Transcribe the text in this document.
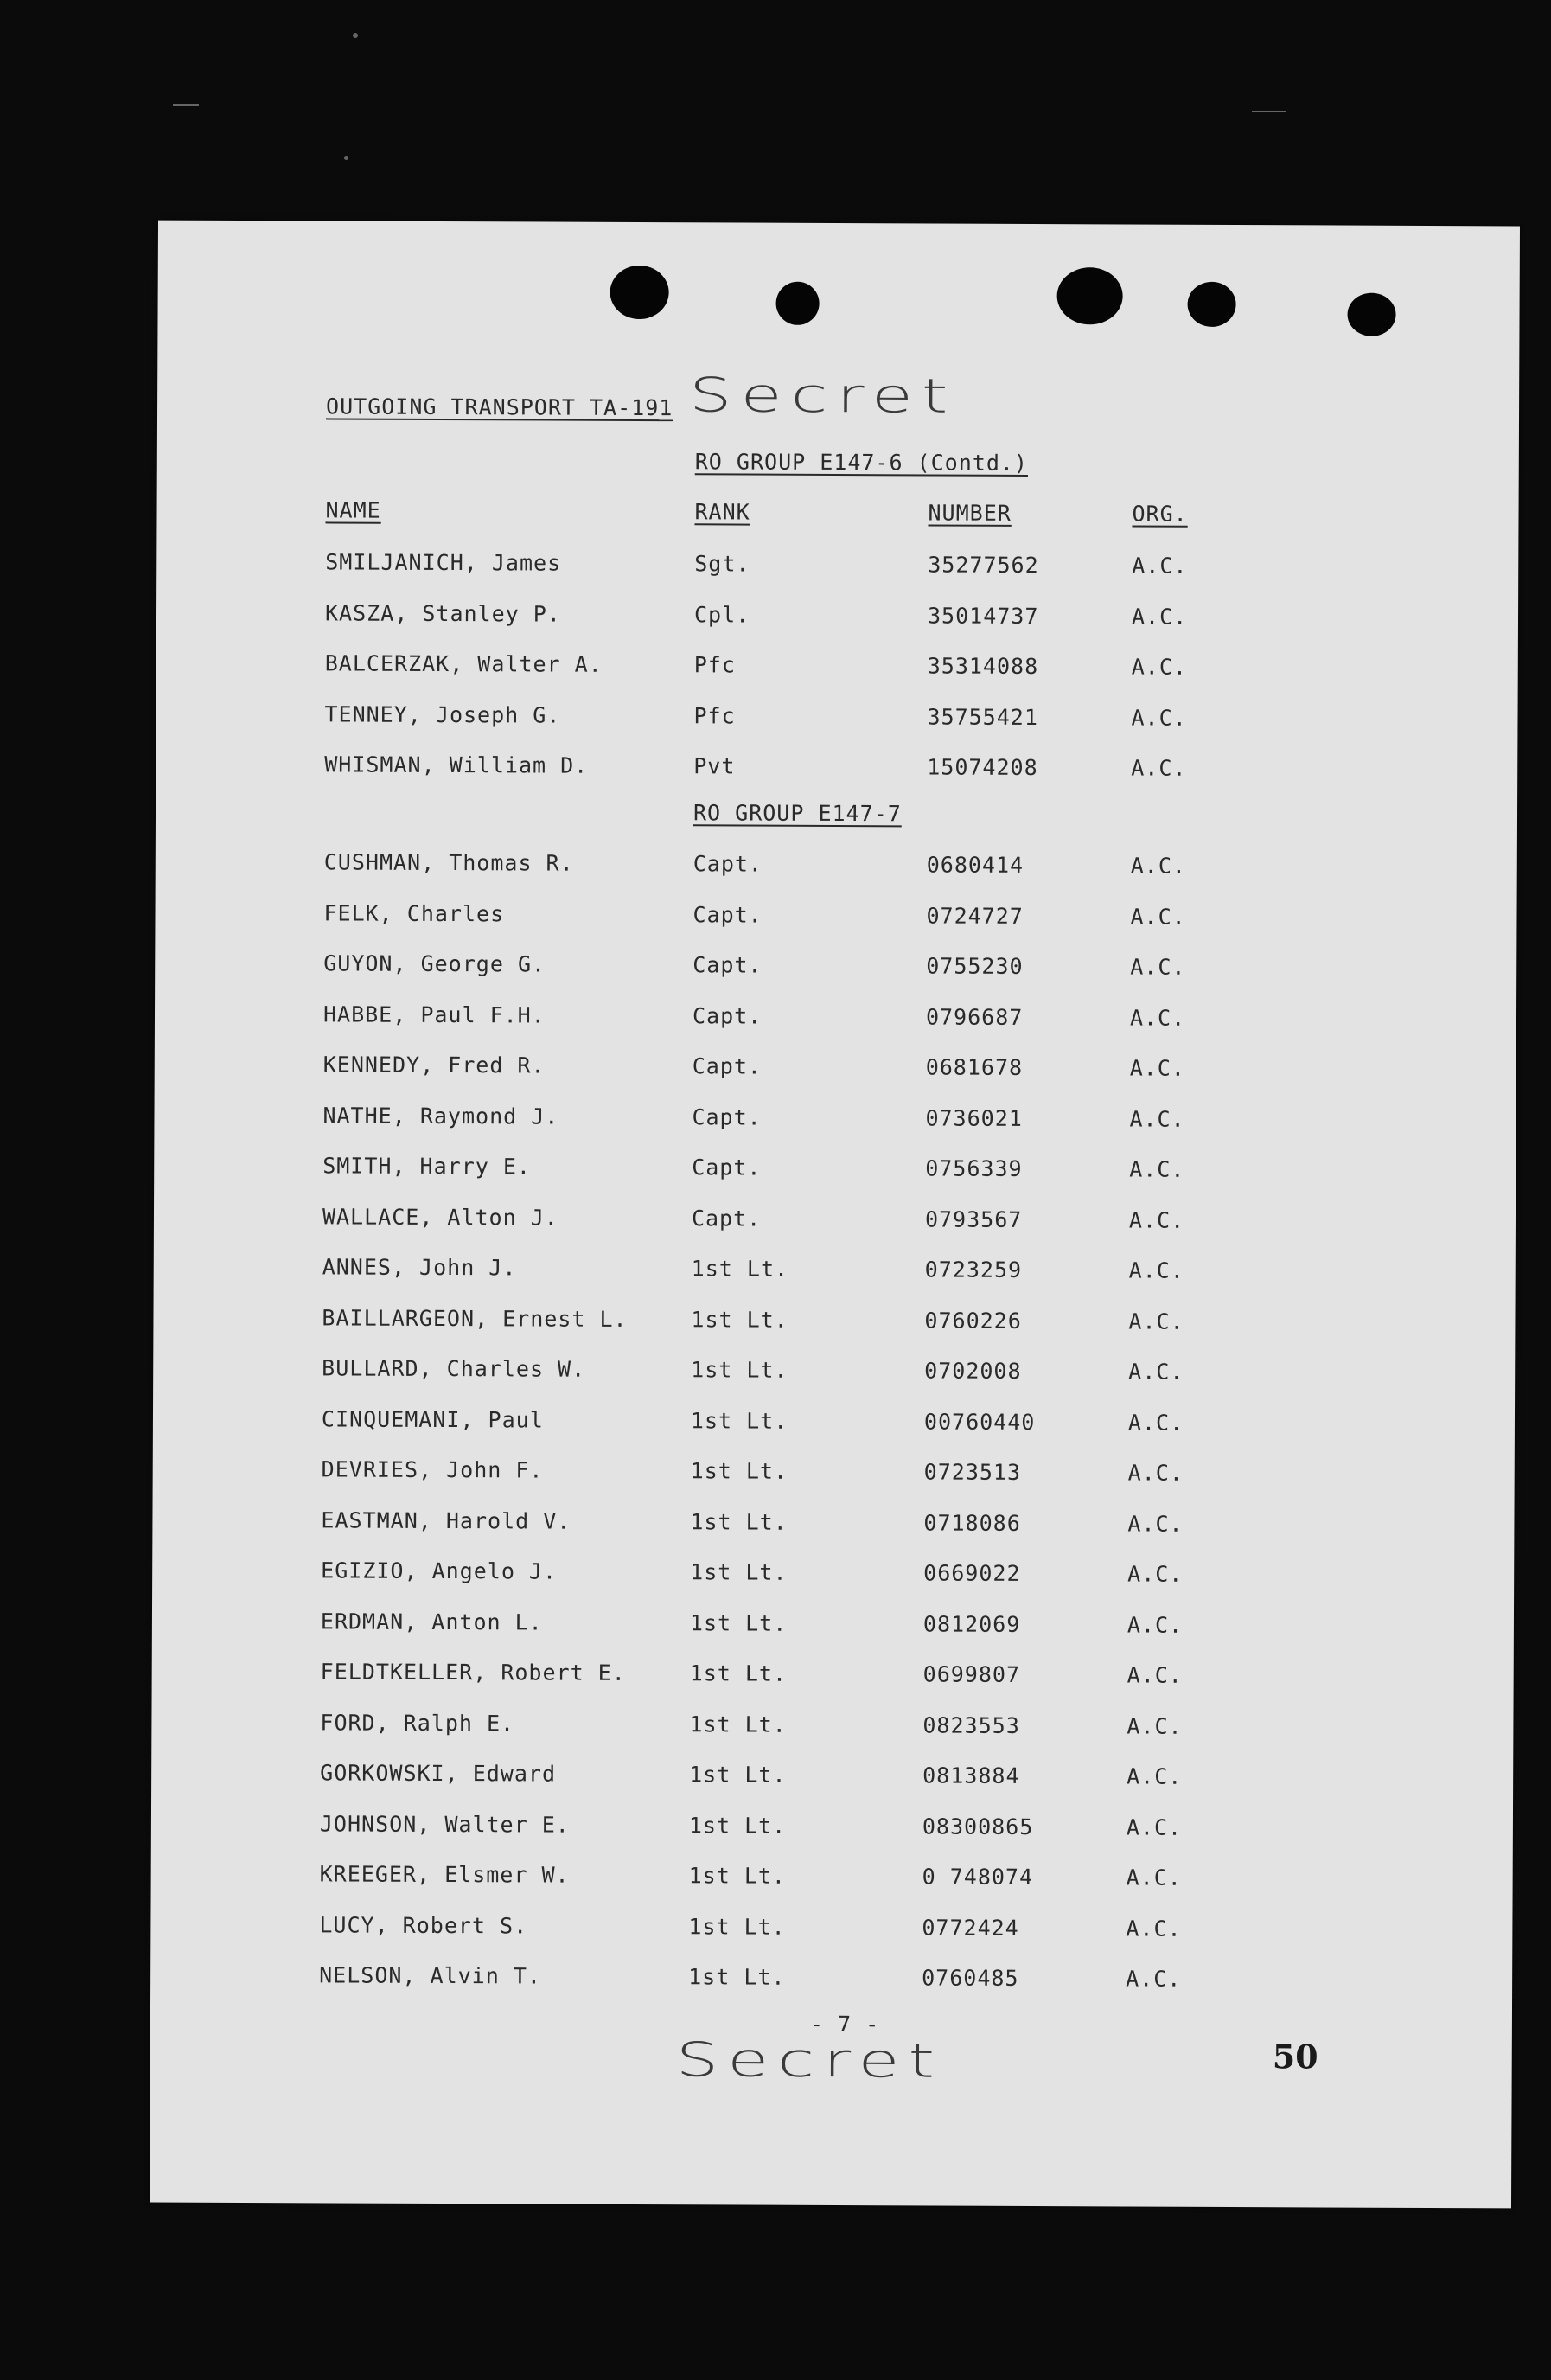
OUTGOING TRANSPORT TA-191 Secret
RO GROUP E147-6 (Contd.)
NAME	RANK	NUMBER	ORG.
SMILJANICH, James	Sgt.	35277562	A.C.
KASZA, Stanley P.	Cpl.	35014737	A.C.
BALCERZAK, Walter A.	Pfc	35314088	A.C.
TENNEY, Joseph G.	Pfc	35755421	A.C.
WHISMAN, William D.	Pvt	15074208	A.C.
RO GROUP E147-7
CUSHMAN, Thomas R.	Capt.	0680414	A.C.
FELK, Charles	Capt.	0724727	A.C.
GUYON, George G.	Capt.	0755230	A.C.
HABBE, Paul F.H.	Capt.	0796687	A.C.
KENNEDY, Fred R.	Capt.	0681678	A.C.
NATHE, Raymond J.	Capt.	0736021	A.C.
SMITH, Harry E.	Capt.	0756339	A.C.
WALLACE, Alton J.	Capt.	0793567	A.C.
ANNES, John J.	1st Lt.	0723259	A.C.
BAILLARGEON, Ernest L.	1st Lt.	0760226	A.C.
BULLARD, Charles W.	1st Lt.	0702008	A.C.
CINQUEMANI, Paul	1st Lt.	00760440	A.C.
DEVRIES, John F.	1st Lt.	0723513	A.C.
EASTMAN, Harold V.	1st Lt.	0718086	A.C.
EGIZIO, Angelo J.	1st Lt.	0669022	A.C.
ERDMAN, Anton L.	1st Lt.	0812069	A.C.
FELDTKELLER, Robert E.	1st Lt.	0699807	A.C.
FORD, Ralph E.	1st Lt.	0823553	A.C.
GORKOWSKI, Edward	1st Lt.	0813884	A.C.
JOHNSON, Walter E.	1st Lt.	08300865	A.C.
KREEGER, Elsmer W.	1st Lt.	0 748074	A.C.
LUCY, Robert S.	1st Lt.	0772424	A.C.
NELSON, Alvin T.	1st Lt.	0760485	A.C.
- 7 -
Secret	50
